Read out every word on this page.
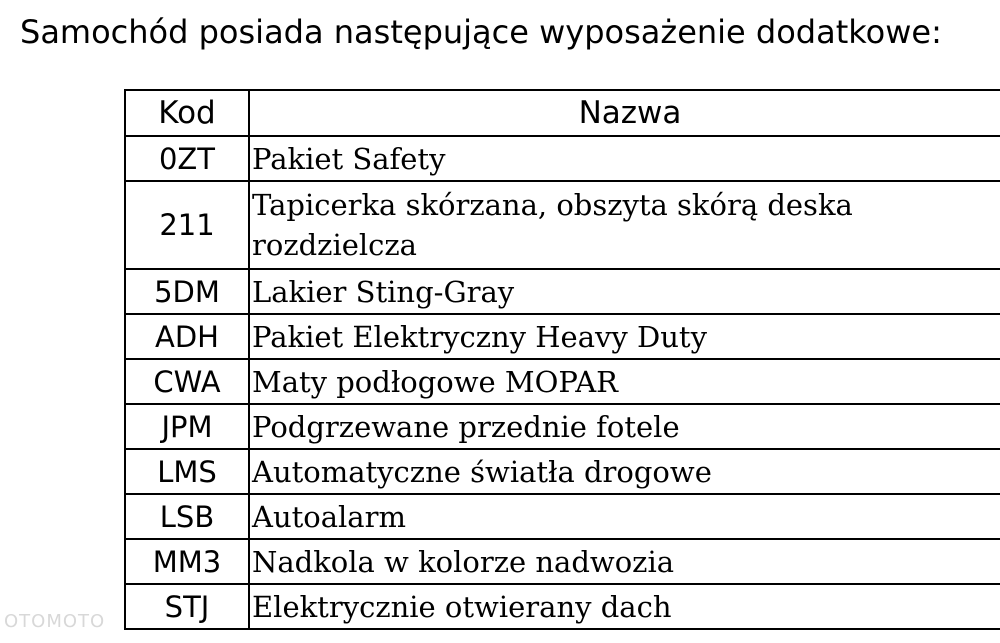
Samochód posiada następujące wyposażenie dodatkowe:
Kod	Nazwa
0ZT	Pakiet Safety
211	Tapicerka skórzana, obszyta skórą deska rozdzielcza
5DM	Lakier Sting-Gray
ADH	Pakiet Elektryczny Heavy Duty
CWA	Maty podłogowe MOPAR
JPM	Podgrzewane przednie fotele
LMS	Automatyczne światła drogowe
LSB	Autoalarm
MM3	Nadkola w kolorze nadwozia
STJ	Elektrycznie otwierany dach
OTOMOTO
